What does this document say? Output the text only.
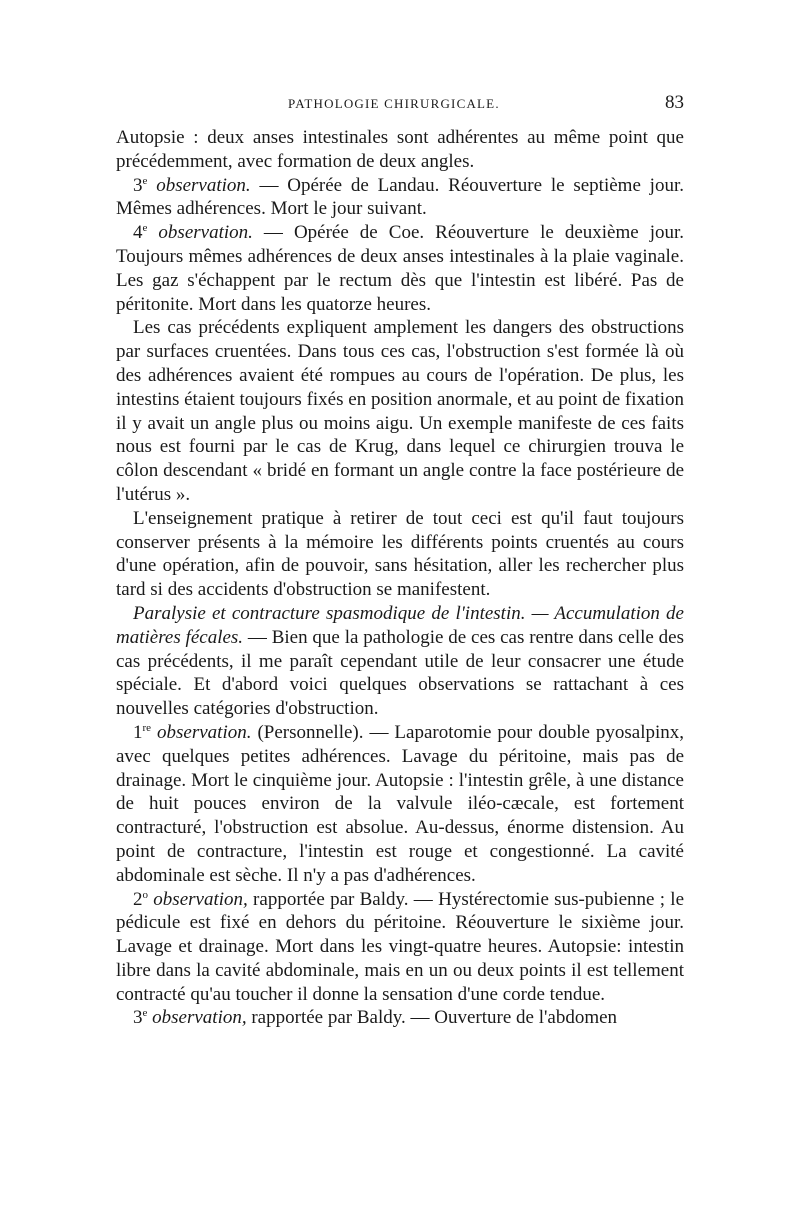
PATHOLOGIE CHIRURGICALE.	83

Autopsie : deux anses intestinales sont adhérentes au même point que précédemment, avec formation de deux angles.

3e observation. — Opérée de Landau. Réouverture le septième jour. Mêmes adhérences. Mort le jour suivant.

4e observation. — Opérée de Coe. Réouverture le deuxième jour. Toujours mêmes adhérences de deux anses intestinales à la plaie vaginale. Les gaz s'échappent par le rectum dès que l'intestin est libéré. Pas de péritonite. Mort dans les quatorze heures.

Les cas précédents expliquent amplement les dangers des obstructions par surfaces cruentées. Dans tous ces cas, l'obstruction s'est formée là où des adhérences avaient été rompues au cours de l'opération. De plus, les intestins étaient toujours fixés en position anormale, et au point de fixation il y avait un angle plus ou moins aigu. Un exemple manifeste de ces faits nous est fourni par le cas de Krug, dans lequel ce chirurgien trouva le côlon descendant « bridé en formant un angle contre la face postérieure de l'utérus ».

L'enseignement pratique à retirer de tout ceci est qu'il faut toujours conserver présents à la mémoire les différents points cruentés au cours d'une opération, afin de pouvoir, sans hésitation, aller les rechercher plus tard si des accidents d'obstruction se manifestent.

Paralysie et contracture spasmodique de l'intestin. — Accumulation de matières fécales. — Bien que la pathologie de ces cas rentre dans celle des cas précédents, il me paraît cependant utile de leur consacrer une étude spéciale. Et d'abord voici quelques observations se rattachant à ces nouvelles catégories d'obstruction.

1re observation. (Personnelle). — Laparotomie pour double pyosalpinx, avec quelques petites adhérences. Lavage du péritoine, mais pas de drainage. Mort le cinquième jour. Autopsie : l'intestin grêle, à une distance de huit pouces environ de la valvule iléo-cæcale, est fortement contracturé, l'obstruction est absolue. Au-dessus, énorme distension. Au point de contracture, l'intestin est rouge et congestionné. La cavité abdominale est sèche. Il n'y a pas d'adhérences.

2$^o$ observation, rapportée par Baldy. — Hystérectomie sus-pubienne ; le pédicule est fixé en dehors du péritoine. Réouverture le sixième jour. Lavage et drainage. Mort dans les vingt-quatre heures. Autopsie: intestin libre dans la cavité abdominale, mais en un ou deux points il est tellement contracté qu'au toucher il donne la sensation d'une corde tendue.

3e observation, rapportée par Baldy. — Ouverture de l'abdomen
